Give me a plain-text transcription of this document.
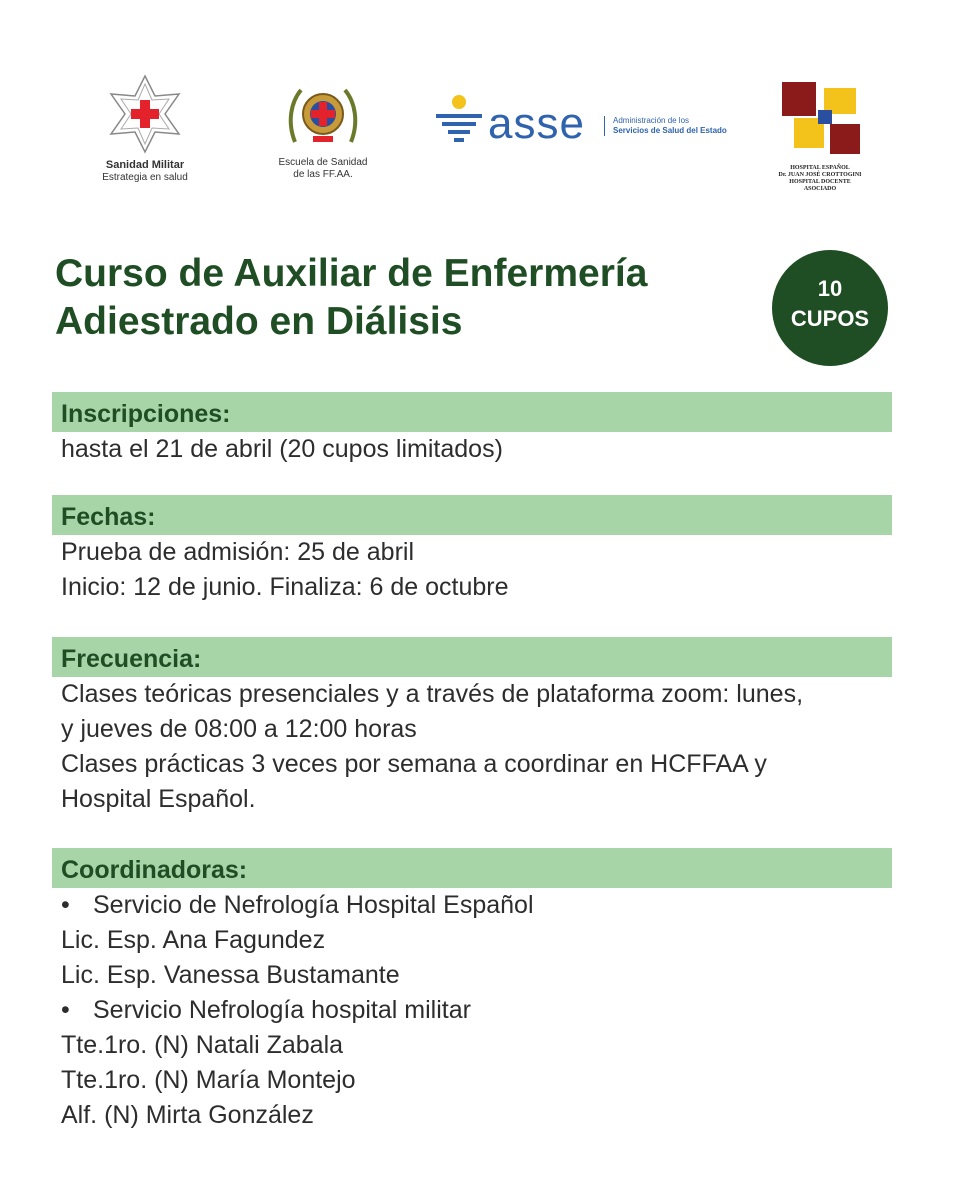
Sanidad Militar
Estrategia en salud
Escuela de Sanidad
de las FF.AA.
asse	Administración de los
Servicios de Salud del Estado
HOSPITAL ESPAÑOL
Dr. JUAN JOSÉ CROTTOGINI
HOSPITAL DOCENTE ASOCIADO
Curso de Auxiliar de Enfermería
Adiestrado en Diálisis
10
CUPOS
Inscripciones:
hasta el 21 de abril (20 cupos limitados)
Fechas:
Prueba de admisión: 25 de abril
Inicio: 12 de junio. Finaliza: 6 de octubre
Frecuencia:
Clases teóricas presenciales y a través de plataforma zoom: lunes,
y jueves de 08:00 a 12:00 horas
Clases prácticas 3 veces por semana a coordinar en HCFFAA y
Hospital Español.
Coordinadoras:
• Servicio de Nefrología Hospital Español
Lic. Esp. Ana Fagundez
Lic. Esp. Vanessa Bustamante
• Servicio Nefrología hospital militar
Tte.1ro. (N) Natali Zabala
Tte.1ro. (N) María Montejo
Alf. (N) Mirta González
